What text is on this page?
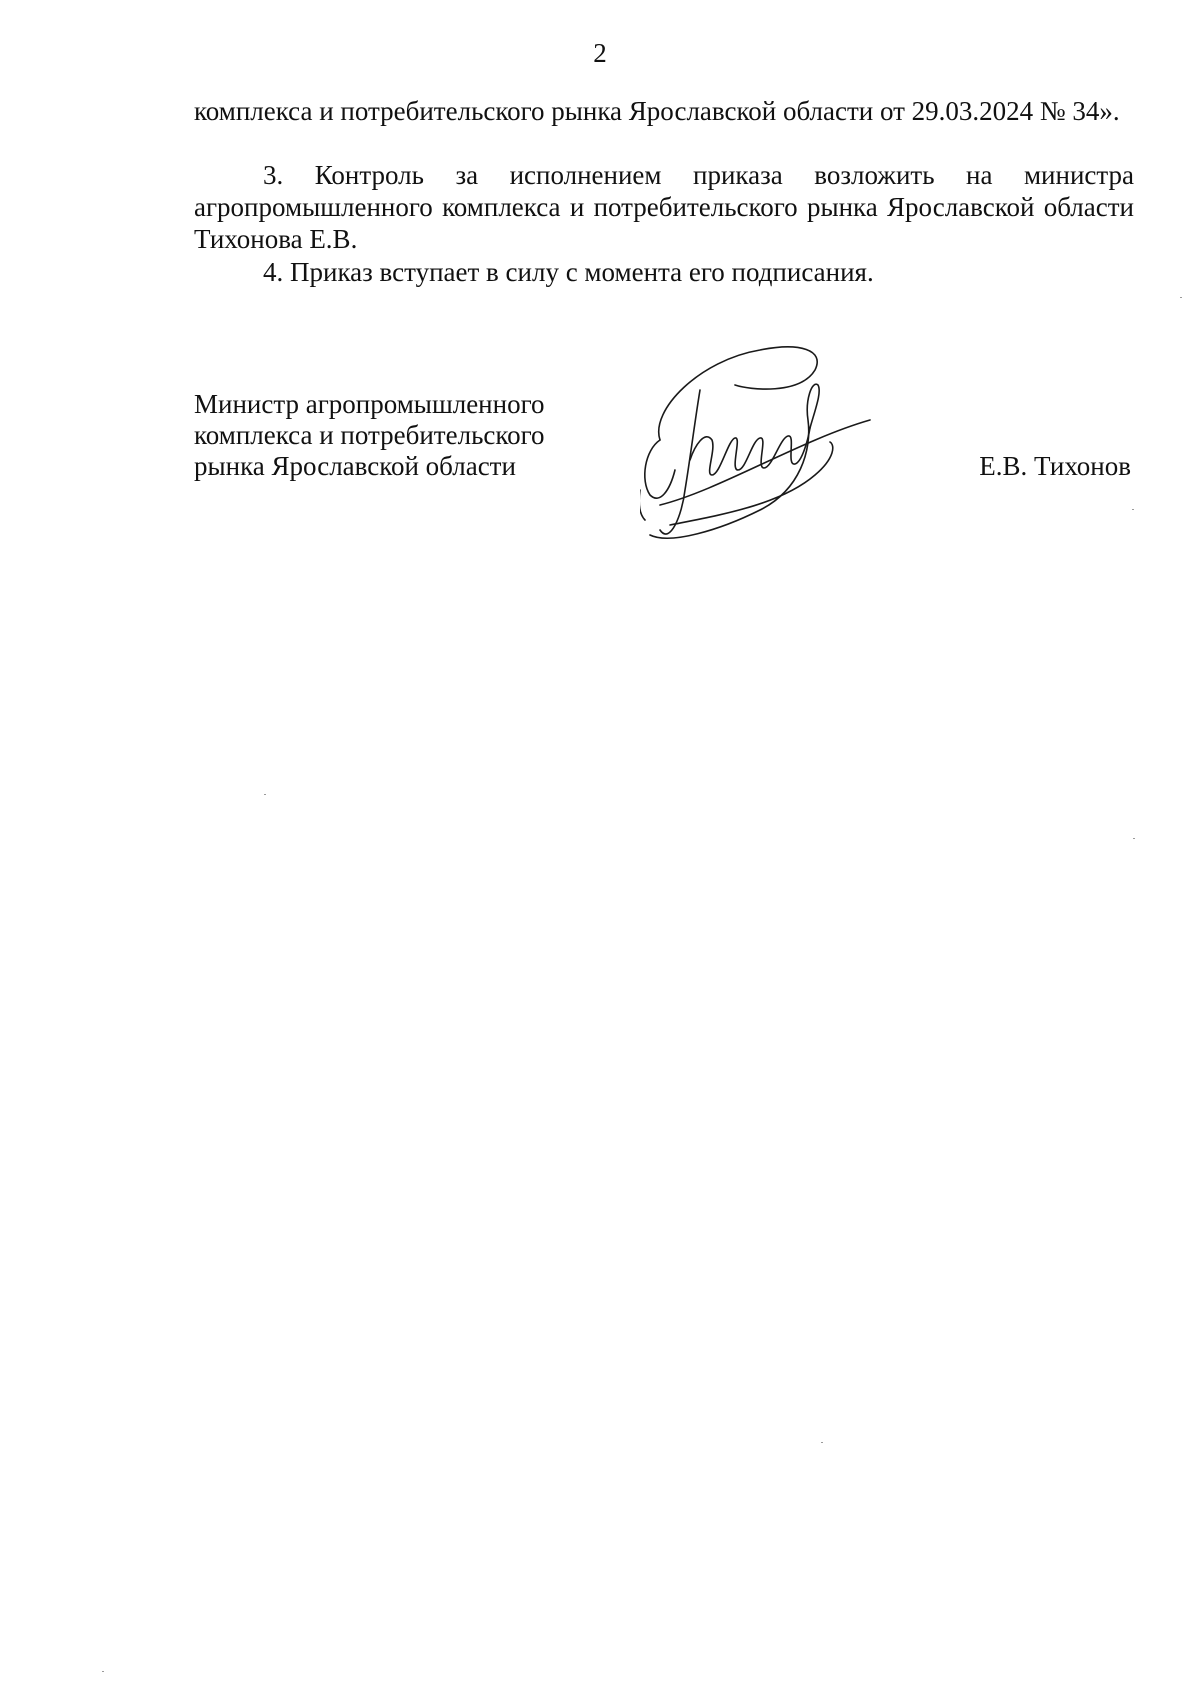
2

комплекса и потребительского рынка Ярославской области от 29.03.2024 № 34».

3. Контроль за исполнением приказа возложить на министра агропромышленного комплекса и потребительского рынка Ярославской области Тихонова Е.В.

4. Приказ вступает в силу с момента его подписания.

Министр агропромышленного
комплекса и потребительского
рынка Ярославской области	Е.В. Тихонов
